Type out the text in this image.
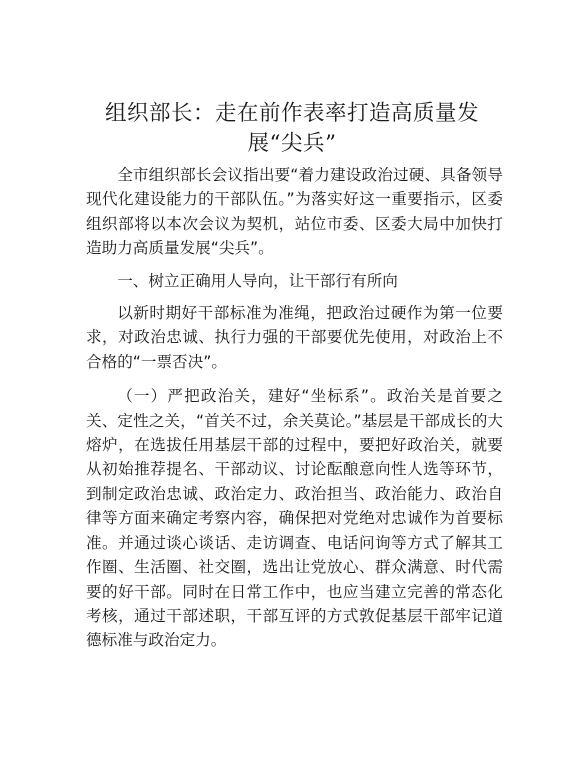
组织部长：走在前作表率打造高质量发展“尖兵”

全市组织部长会议指出要“着力建设政治过硬、具备领导现代化建设能力的干部队伍。”为落实好这一重要指示，区委组织部将以本次会议为契机，站位市委、区委大局中加快打造助力高质量发展“尖兵”。

一、树立正确用人导向，让干部行有所向

以新时期好干部标准为准绳，把政治过硬作为第一位要求，对政治忠诚、执行力强的干部要优先使用，对政治上不合格的“一票否决”。

（一）严把政治关，建好“坐标系”。政治关是首要之关、定性之关，“首关不过，余关莫论。”基层是干部成长的大熔炉，在选拔任用基层干部的过程中，要把好政治关，就要从初始推荐提名、干部动议、讨论酝酿意向性人选等环节，到制定政治忠诚、政治定力、政治担当、政治能力、政治自律等方面来确定考察内容，确保把对党绝对忠诚作为首要标准。并通过谈心谈话、走访调查、电话问询等方式了解其工作圈、生活圈、社交圈，选出让党放心、群众满意、时代需要的好干部。同时在日常工作中，也应当建立完善的常态化考核，通过干部述职，干部互评的方式敦促基层干部牢记道德标准与政治定力。
